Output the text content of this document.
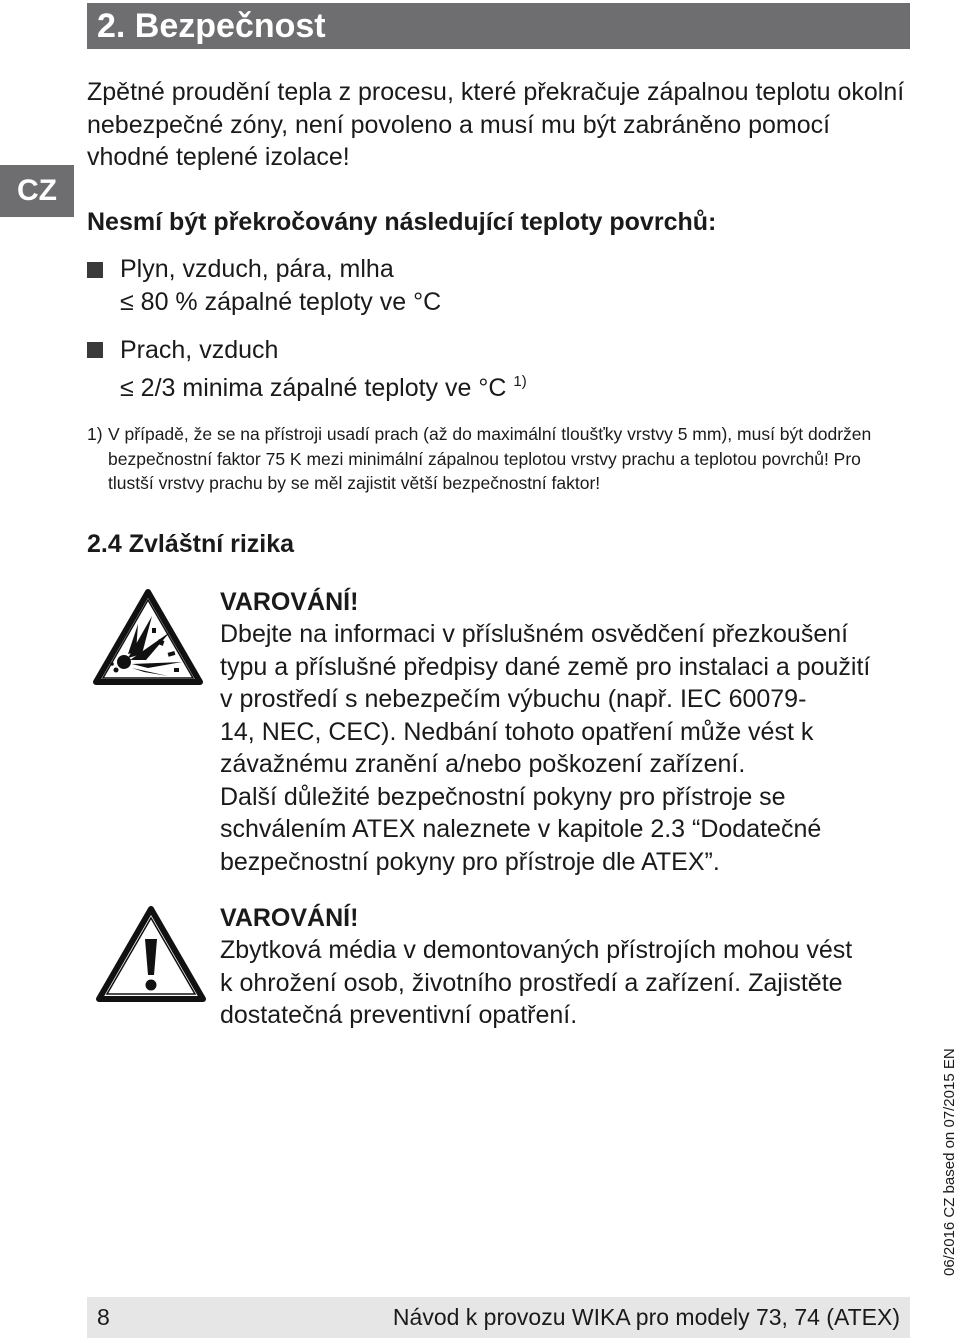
2. Bezpečnost
CZ

Zpětné proudění tepla z procesu, které překračuje zápalnou teplotu okolní nebezpečné zóny, není povoleno a musí mu být zabráněno pomocí vhodné teplené izolace!

Nesmí být překročovány následující teploty povrchů:
Plyn, vzduch, pára, mlha
≤ 80 % zápalné teploty ve °C
Prach, vzduch
≤ 2/3 minima zápalné teploty ve °C $^{1)}$
1) V případě, že se na přístroji usadí prach (až do maximální tloušťky vrstvy 5 mm), musí být dodržen bezpečnostní faktor 75 K mezi minimální zápalnou teplotou vrstvy prachu a teplotou povrchů! Pro tlustší vrstvy prachu by se měl zajistit větší bezpečnostní faktor!
2.4 Zvláštní rizika
VAROVÁNÍ!
Dbejte na informaci v příslušném osvědčení přezkoušení
typu a příslušné předpisy dané země pro instalaci a použití
v prostředí s nebezpečím výbuchu (např. IEC 60079-
14, NEC, CEC). Nedbání tohoto opatření může vést k
závažnému zranění a/nebo poškození zařízení.
Další důležité bezpečnostní pokyny pro přístroje se
schválením ATEX naleznete v kapitole 2.3 “Dodatečné
bezpečnostní pokyny pro přístroje dle ATEX”.
VAROVÁNÍ!
Zbytková média v demontovaných přístrojích mohou vést
k ohrožení osob, životního prostředí a zařízení. Zajistěte
dostatečná preventivní opatření.
06/2016 CZ based on 07/2015 EN
8	Návod k provozu WIKA pro modely 73, 74 (ATEX)
